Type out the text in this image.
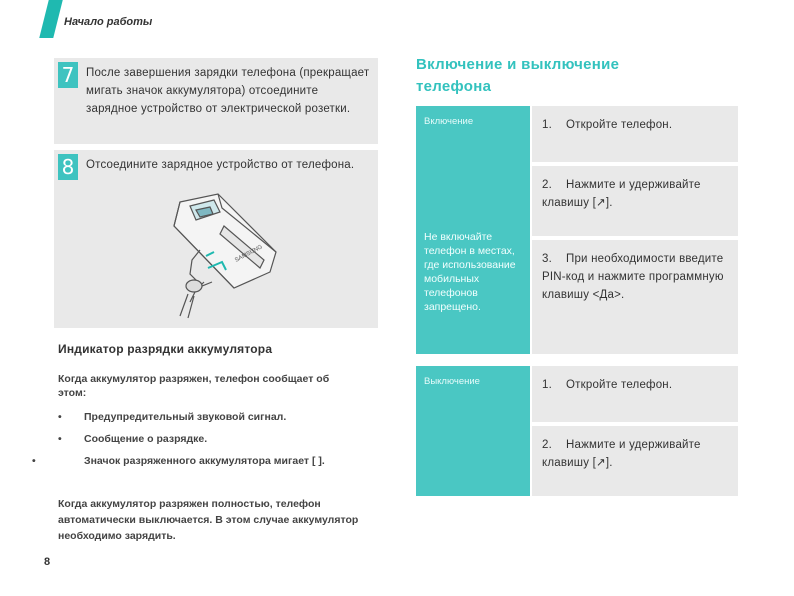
Начало работы
7	После завершения зарядки телефона (прекращает мигать значок аккумулятора) отсоедините зарядное устройство от электрической розетки.
8	Отсоедините зарядное устройство от телефона.
SAMSUNG
Индикатор разрядки аккумулятора
Когда аккумулятор разряжен, телефон сообщает об этом:
• Предупредительный звуковой сигнал.
• Сообщение о разрядке.
•	Значок разряженного аккумулятора мигает [ ].
Когда аккумулятор разряжен полностью, телефон автоматически выключается. В этом случае аккумулятор необходимо зарядить.
8
Включение и выключение телефона
Включение
Не включайте телефон в местах, где использование мобильных телефонов запрещено.
1. Откройте телефон.
2. Нажмите и удерживайте клавишу [↗].
3. При необходимости введите PIN-код и нажмите программную клавишу <Да>.
Выключение	1. Откройте телефон.
2. Нажмите и удерживайте клавишу [↗].
